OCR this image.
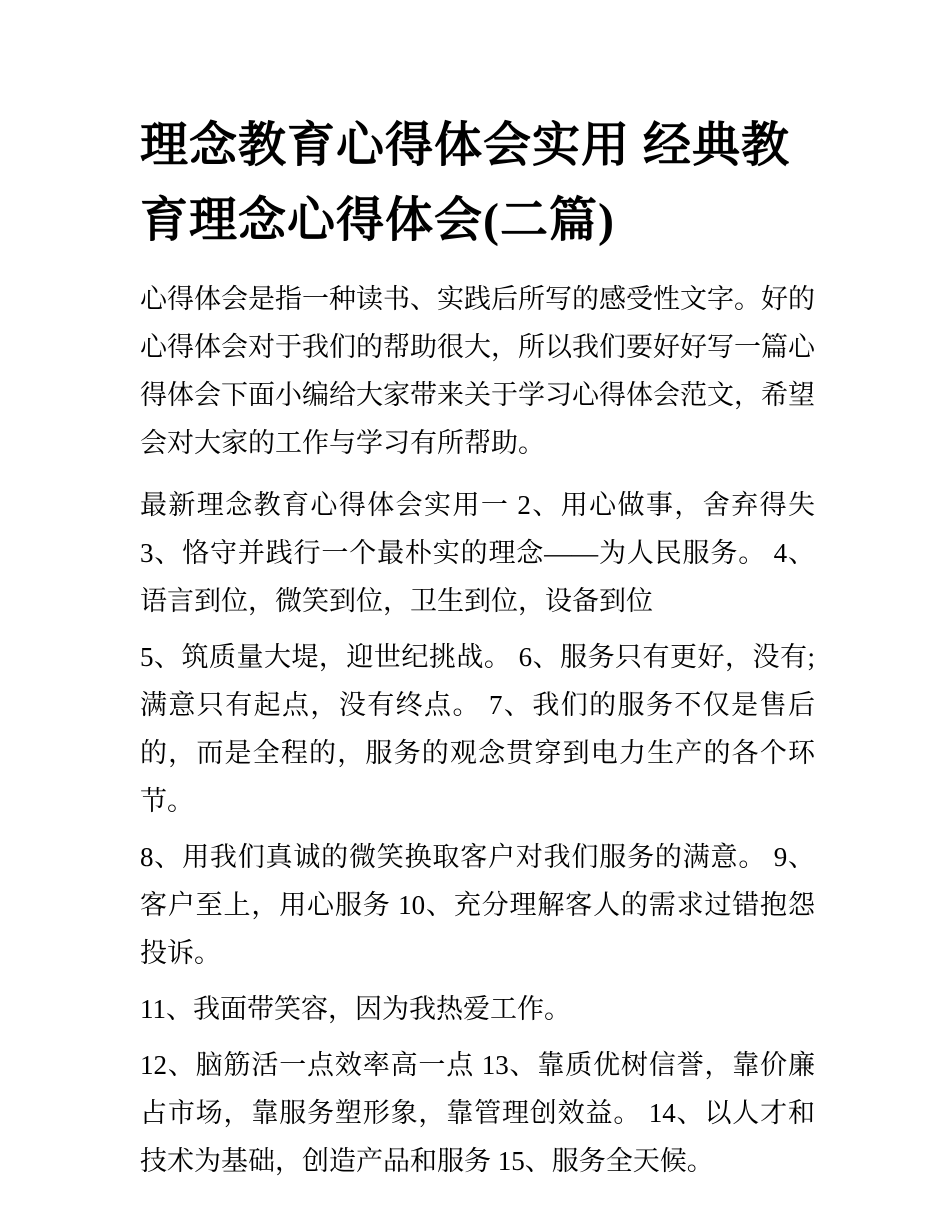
理念教育心得体会实用 经典教育理念心得体会(二篇)

心得体会是指一种读书、实践后所写的感受性文字。好的心得体会对于我们的帮助很大，所以我们要好好写一篇心得体会下面小编给大家带来关于学习心得体会范文，希望会对大家的工作与学习有所帮助。

最新理念教育心得体会实用一 2、用心做事，舍弃得失 3、恪守并践行一个最朴实的理念——为人民服务。 4、语言到位，微笑到位，卫生到位，设备到位

5、筑质量大堤，迎世纪挑战。 6、服务只有更好，没有;满意只有起点，没有终点。 7、我们的服务不仅是售后的，而是全程的，服务的观念贯穿到电力生产的各个环节。

8、用我们真诚的微笑换取客户对我们服务的满意。 9、客户至上，用心服务 10、充分理解客人的需求过错抱怨投诉。

11、我面带笑容，因为我热爱工作。

12、脑筋活一点效率高一点 13、靠质优树信誉，靠价廉占市场，靠服务塑形象，靠管理创效益。 14、以人才和技术为基础，创造产品和服务 15、服务全天候。
